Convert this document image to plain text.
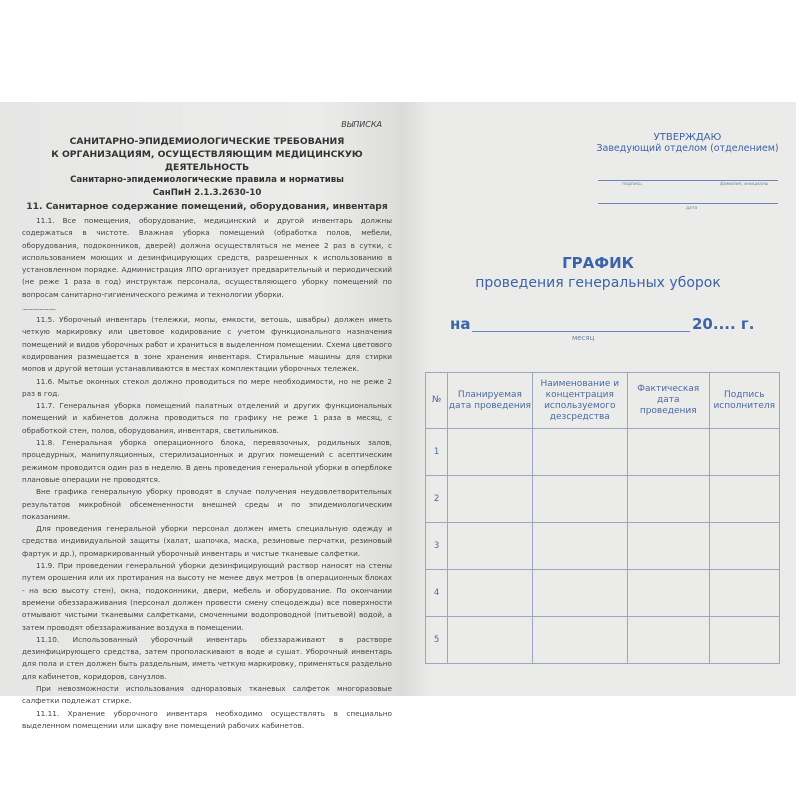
ВЫПИСКА
САНИТАРНО-ЭПИДЕМИОЛОГИЧЕСКИЕ ТРЕБОВАНИЯ
К ОРГАНИЗАЦИЯМ, ОСУЩЕСТВЛЯЮЩИМ МЕДИЦИНСКУЮ ДЕЯТЕЛЬНОСТЬ
Санитарно-эпидемиологические правила и нормативы
СанПиН 2.1.3.2630-10
11. Санитарное содержание помещений, оборудования, инвентаря

11.1. Все помещения, оборудование, медицинский и другой инвентарь должны содержаться в чистоте. Влажная уборка помещений (обработка полов, мебели, оборудования, подоконников, дверей) должна осуществляться не менее 2 раз в сутки, с использованием моющих и дезинфицирующих средств, разрешенных к использованию в установленном порядке. Администрация ЛПО организует предварительный и периодический (не реже 1 раза в год) инструктаж персонала, осуществляющего уборку помещений по вопросам санитарно-гигиенического режима и технологии уборки.

...........................

11.5. Уборочный инвентарь (тележки, мопы, емкости, ветошь, швабры) должен иметь четкую маркировку или цветовое кодирование с учетом функционального назначения помещений и видов уборочных работ и храниться в выделенном помещении. Схема цветового кодирования размещается в зоне хранения инвентаря. Стиральные машины для стирки мопов и другой ветоши устанавливаются в местах комплектации уборочных тележек.

11.6. Мытье оконных стекол должно проводиться по мере необходимости, но не реже 2 раз в год.

11.7. Генеральная уборка помещений палатных отделений и других функциональных помещений и кабинетов должна проводиться по графику не реже 1 раза в месяц, с обработкой стен, полов, оборудования, инвентаря, светильников.

11.8. Генеральная уборка операционного блока, перевязочных, родильных залов, процедурных, манипуляционных, стерилизационных и других помещений с асептическим режимом проводится один раз в неделю. В день проведения генеральной уборки в оперблоке плановые операции не проводятся.

Вне графика генеральную уборку проводят в случае получения неудовлетворительных результатов микробной обсемененности внешней среды и по эпидемиологическим показаниям.

Для проведения генеральной уборки персонал должен иметь специальную одежду и средства индивидуальной защиты (халат, шапочка, маска, резиновые перчатки, резиновый фартук и др.), промаркированный уборочный инвентарь и чистые тканевые салфетки.

11.9. При проведении генеральной уборки дезинфицирующий раствор наносят на стены путем орошения или их протирания на высоту не менее двух метров (в операционных блоках - на всю высоту стен), окна, подоконники, двери, мебель и оборудование. По окончании времени обеззараживания (персонал должен провести смену спецодежды) все поверхности отмывают чистыми тканевыми салфетками, смоченными водопроводной (питьевой) водой, а затем проводят обеззараживание воздуха в помещении.

11.10. Использованный уборочный инвентарь обеззараживают в растворе дезинфицирующего средства, затем прополаскивают в воде и сушат. Уборочный инвентарь для пола и стен должен быть раздельным, иметь четкую маркировку, применяться раздельно для кабинетов, коридоров, санузлов.

При невозможности использования одноразовых тканевых салфеток многоразовые салфетки подлежат стирке.

11.11. Хранение уборочного инвентаря необходимо осуществлять в специально выделенном помещении или шкафу вне помещений рабочих кабинетов.

УТВЕРЖДАЮ
Заведующий отделом (отделением)
подпись	фамилия, инициалы
дата
ГРАФИК
проведения генеральных уборок
на	20.... г.
месяц
№	Планируемая дата проведения	Наименование и концентрация используемого дезсредства	Фактическая дата проведения	Подпись исполнителя
1				
2				
3				
4				
5				
